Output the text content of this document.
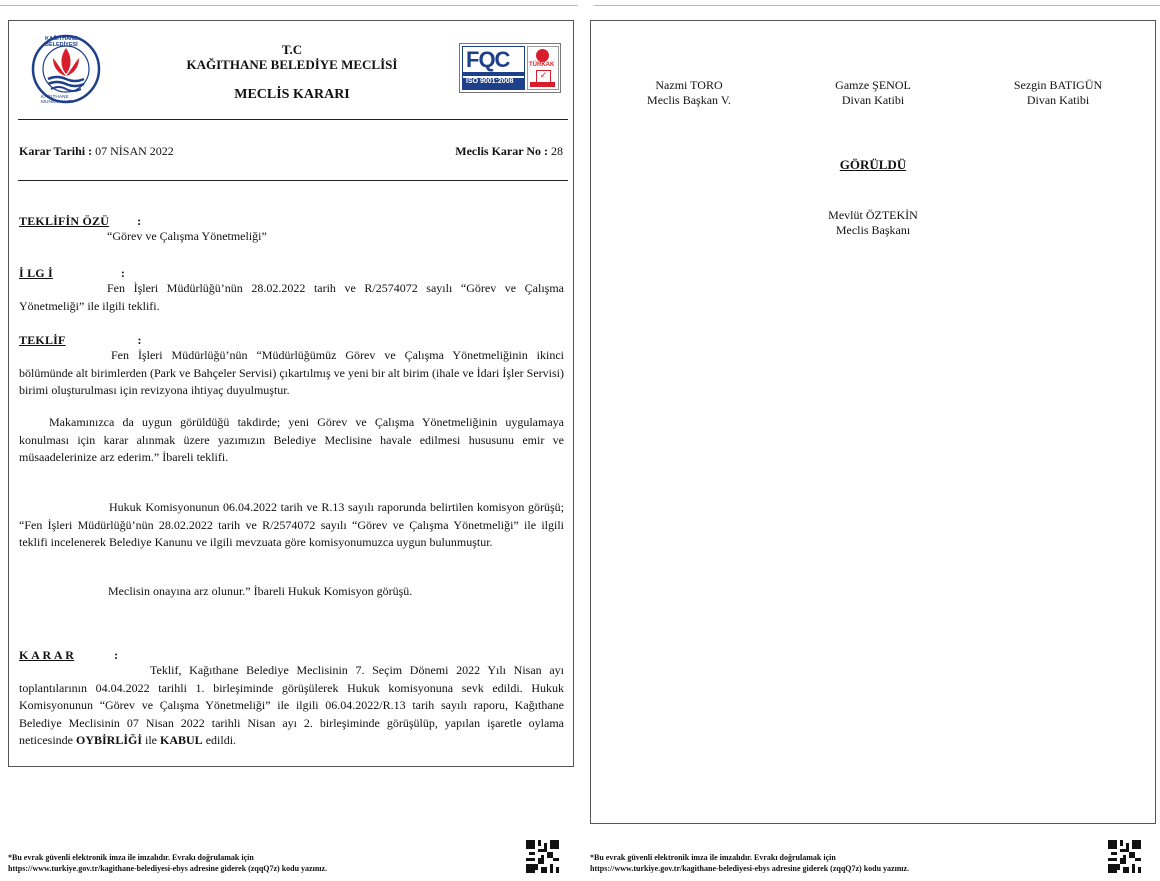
KAĞITHANE BELEDİYESİ
KAĞITHANE MUNICIPALITY
T.C
KAĞITHANE BELEDİYE MECLİSİ
MECLİS KARARI
FQC
ISO 9001:2008
TÜRKAK
✓
Karar Tarihi : 07 NİSAN 2022	Meclis Karar No : 28
TEKLİFİN ÖZÜ :
“Görev ve Çalışma Yönetmeliği”
İ LG İ	:
Fen İşleri Müdürlüğü’nün 28.02.2022 tarih ve R/2574072 sayılı “Görev ve Çalışma Yönetmeliği” ile ilgili teklifi.
TEKLİF	:
Fen İşleri Müdürlüğü’nün “Müdürlüğümüz Görev ve Çalışma Yönetmeliğinin ikinci bölümünde alt birimlerden (Park ve Bahçeler Servisi) çıkartılmış ve yeni bir alt birim (ihale ve İdari İşler Servisi) birimi oluşturulması için revizyona ihtiyaç duyulmuştur.
Makamınızca da uygun görüldüğü takdirde; yeni Görev ve Çalışma Yönetmeliğinin uygulamaya konulması için karar alınmak üzere yazımızın Belediye Meclisine havale edilmesi hususunu emir ve müsaadelerinize arz ederim.” İbareli teklifi.
Hukuk Komisyonunun 06.04.2022 tarih ve R.13 sayılı raporunda belirtilen komisyon görüşü; “Fen İşleri Müdürlüğü’nün 28.02.2022 tarih ve R/2574072 sayılı “Görev ve Çalışma Yönetmeliği” ile ilgili teklifi incelenerek Belediye Kanunu ve ilgili mevzuata göre komisyonumuzca uygun bulunmuştur.
Meclisin onayına arz olunur.” İbareli Hukuk Komisyon görüşü.
K A R A R	:
Teklif, Kağıthane Belediye Meclisinin 7. Seçim Dönemi 2022 Yılı Nisan ayı toplantılarının 04.04.2022 tarihli 1. birleşiminde görüşülerek Hukuk komisyonuna sevk edildi. Hukuk Komisyonunun “Görev ve Çalışma Yönetmeliği” ile ilgili 06.04.2022/R.13 tarih sayılı raporu, Kağıthane Belediye Meclisinin 07 Nisan 2022 tarihli Nisan ayı 2. birleşiminde görüşülüp, yapılan işaretle oylama neticesinde OYBİRLİĞİ ile KABUL edildi.
*Bu evrak güvenli elektronik imza ile imzalıdır. Evrakı doğrulamak için
https://www.turkiye.gov.tr/kagithane-belediyesi-ebys adresine giderek (zqqQ7z) kodu yazınız.
Nazmi TORO
Meclis Başkan V.
Gamze ŞENOL
Divan Katibi
Sezgin BATIGÜN
Divan Katibi
GÖRÜLDÜ
Mevlüt ÖZTEKİN
Meclis Başkanı
*Bu evrak güvenli elektronik imza ile imzalıdır. Evrakı doğrulamak için
https://www.turkiye.gov.tr/kagithane-belediyesi-ebys adresine giderek (zqqQ7z) kodu yazınız.
